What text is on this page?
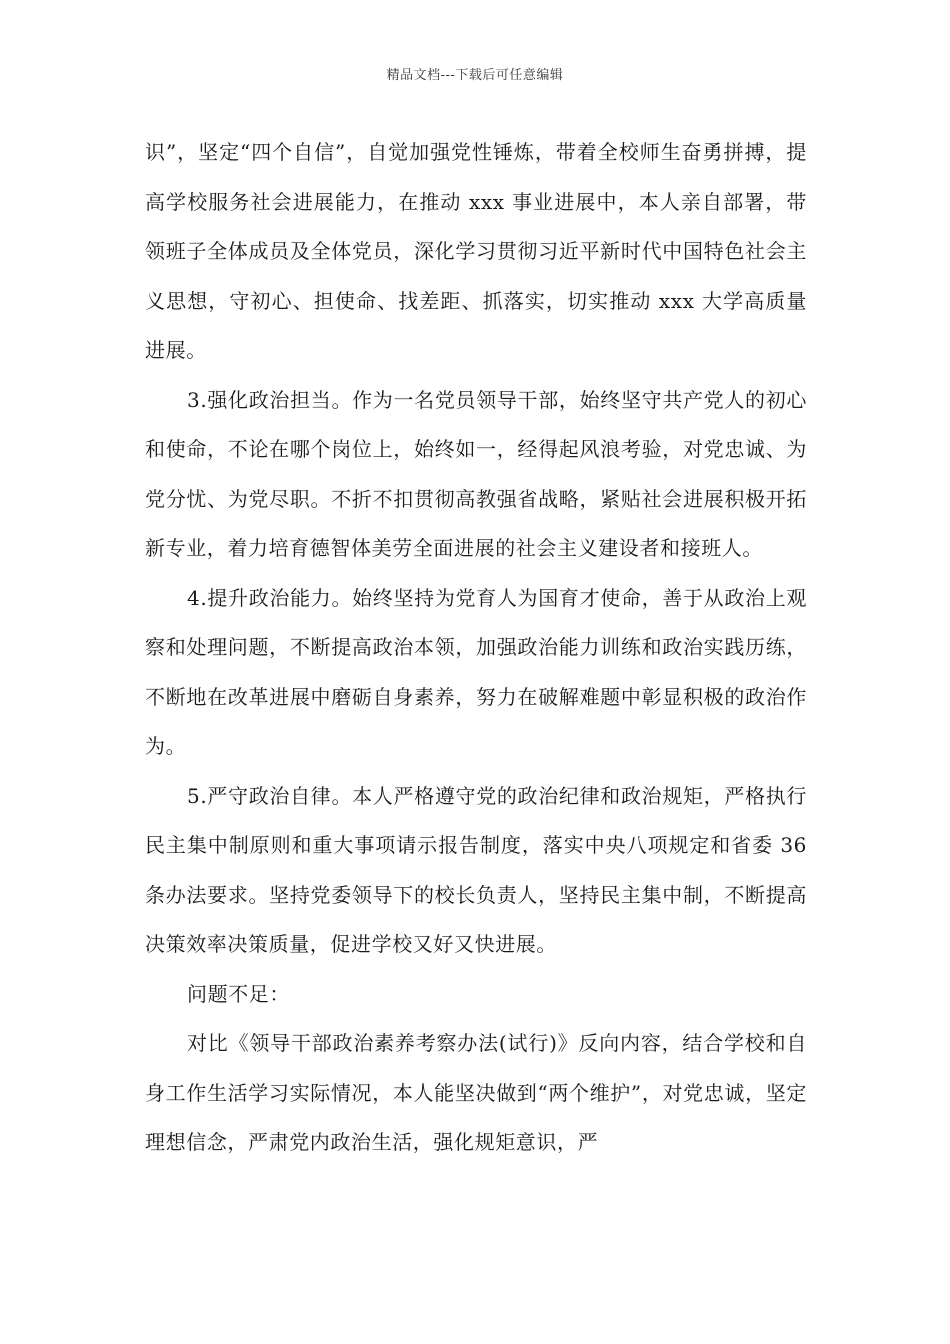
精品文档---下载后可任意编辑

识”，坚定“四个自信”，自觉加强党性锤炼，带着全校师生奋勇拼搏，提高学校服务社会进展能力，在推动 xxx 事业进展中，本人亲自部署，带领班子全体成员及全体党员，深化学习贯彻习近平新时代中国特色社会主义思想，守初心、担使命、找差距、抓落实，切实推动 xxx 大学高质量进展。

3.强化政治担当。作为一名党员领导干部，始终坚守共产党人的初心和使命，不论在哪个岗位上，始终如一，经得起风浪考验，对党忠诚、为党分忧、为党尽职。不折不扣贯彻高教强省战略，紧贴社会进展积极开拓新专业，着力培育德智体美劳全面进展的社会主义建设者和接班人。

4.提升政治能力。始终坚持为党育人为国育才使命，善于从政治上观察和处理问题，不断提高政治本领，加强政治能力训练和政治实践历练，不断地在改革进展中磨砺自身素养，努力在破解难题中彰显积极的政治作为。

5.严守政治自律。本人严格遵守党的政治纪律和政治规矩，严格执行民主集中制原则和重大事项请示报告制度，落实中央八项规定和省委 36 条办法要求。坚持党委领导下的校长负责人，坚持民主集中制，不断提高决策效率决策质量，促进学校又好又快进展。

问题不足：

对比《领导干部政治素养考察办法(试行)》反向内容，结合学校和自身工作生活学习实际情况，本人能坚决做到“两个维护”，对党忠诚，坚定理想信念，严肃党内政治生活，强化规矩意识，严
